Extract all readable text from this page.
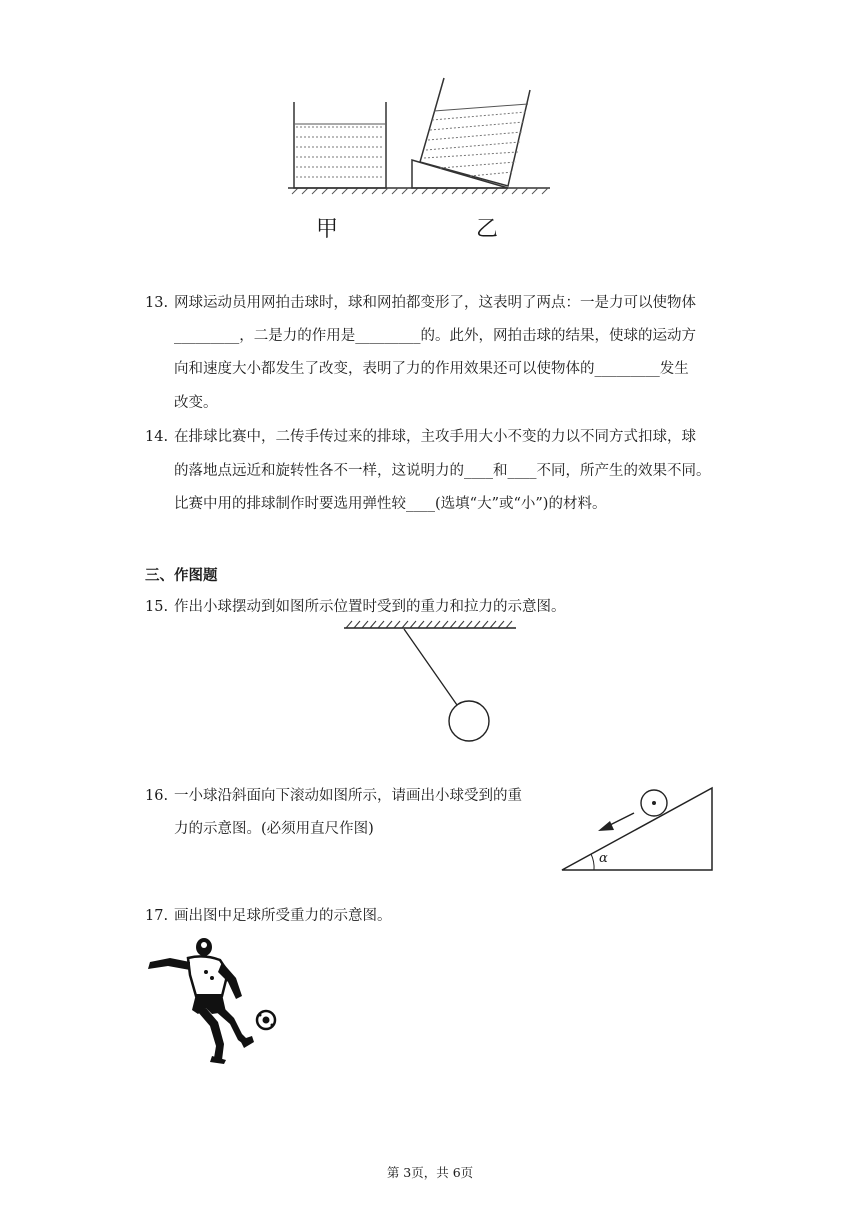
甲	乙
13. 网球运动员用网拍击球时，球和网拍都变形了，这表明了两点：一是力可以使物体
_________，二是力的作用是_________的。此外，网拍击球的结果，使球的运动方
向和速度大小都发生了改变，表明了力的作用效果还可以使物体的_________发生
改变。
14. 在排球比赛中，二传手传过来的排球，主攻手用大小不变的力以不同方式扣球，球
的落地点远近和旋转性各不一样，这说明力的____和____不同，所产生的效果不同。
比赛中用的排球制作时要选用弹性较____(选填“大”或“小”)的材料。
三、作图题
15. 作出小球摆动到如图所示位置时受到的重力和拉力的示意图。
16. 一小球沿斜面向下滚动如图所示，请画出小球受到的重
力的示意图。(必须用直尺作图)
α
17. 画出图中足球所受重力的示意图。
第 3页，共 6页
